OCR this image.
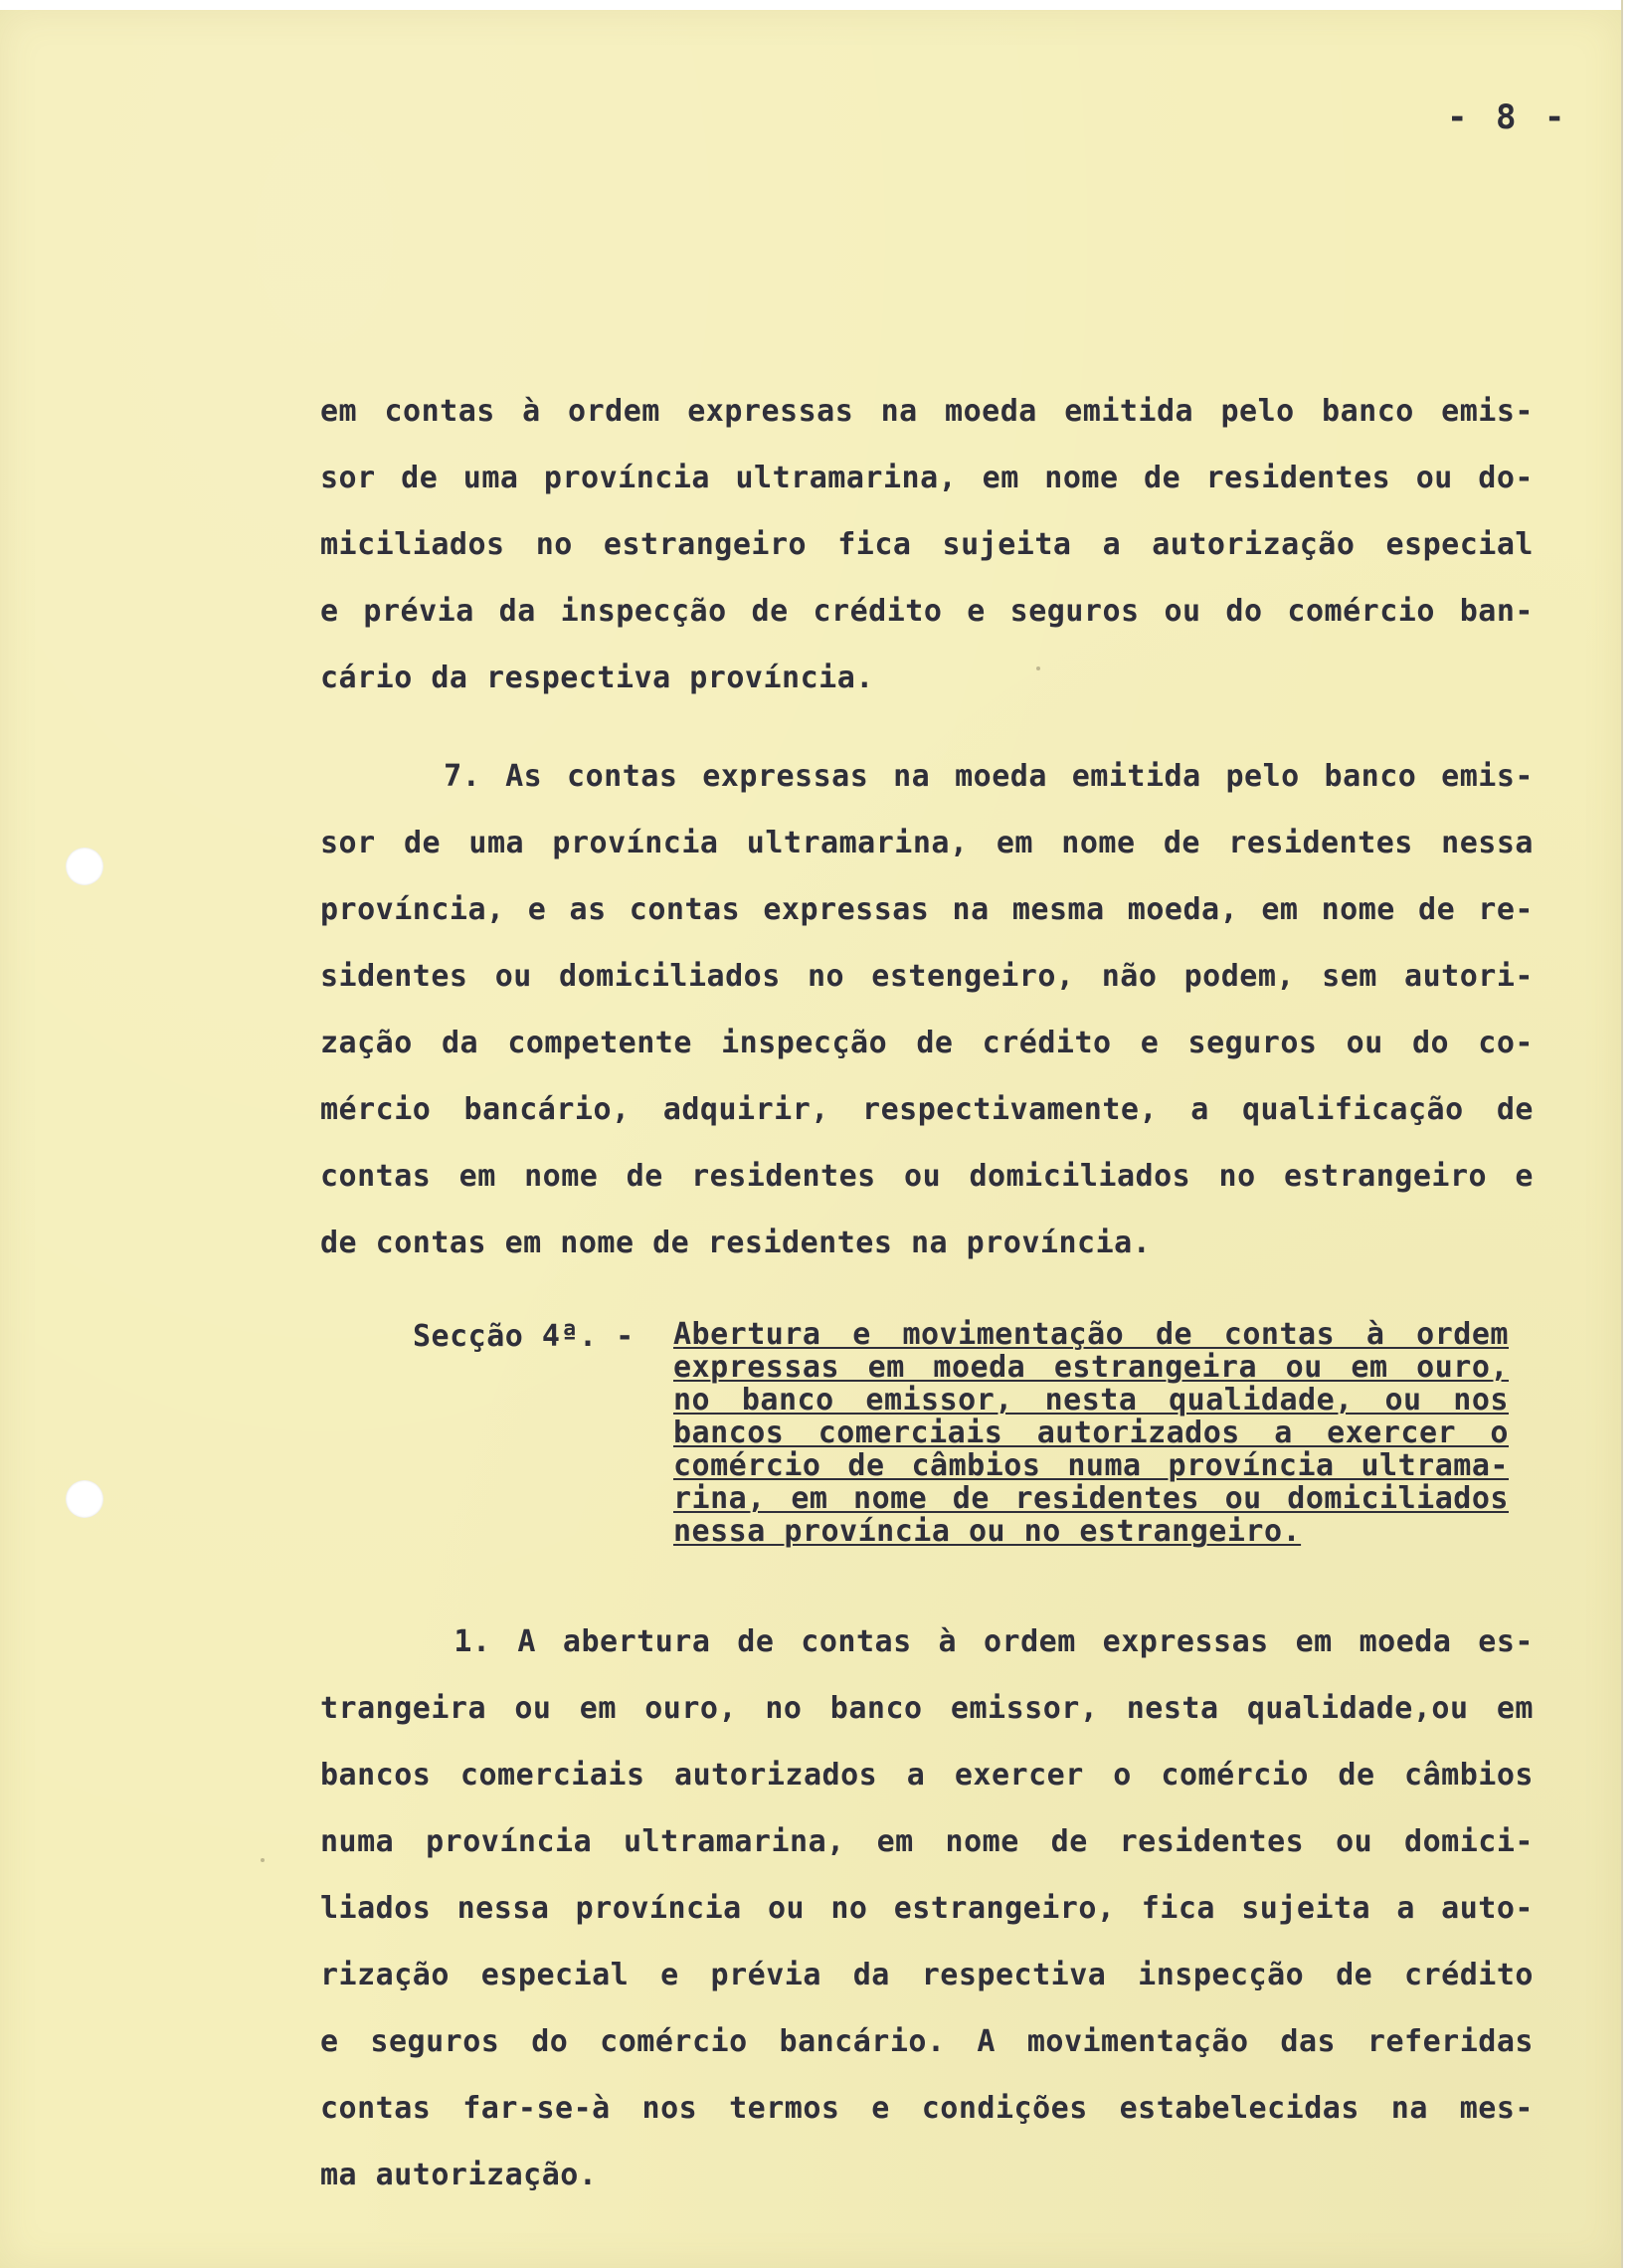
- 8 -
em contas à ordem expressas na moeda emitida pelo banco emis-
sor de uma província ultramarina, em nome de residentes ou do-
miciliados no estrangeiro fica sujeita a autorização especial
e prévia da inspecção de crédito e seguros ou do comércio ban-
cário da respectiva província.
7. As contas expressas na moeda emitida pelo banco emis-
sor de uma província ultramarina, em nome de residentes nessa
província, e as contas expressas na mesma moeda, em nome de re-
sidentes ou domiciliados no estengeiro, não podem, sem autori-
zação da competente inspecção de crédito e seguros ou do co-
mércio bancário, adquirir, respectivamente, a qualificação de
contas em nome de residentes ou domiciliados no estrangeiro e
de contas em nome de residentes na província.
Secção 4ª. - Abertura e movimentação de contas à ordem
expressas em moeda estrangeira ou em ouro,
no banco emissor, nesta qualidade, ou nos
bancos comerciais autorizados a exercer o
comércio de câmbios numa província ultrama-
rina, em nome de residentes ou domiciliados
nessa província ou no estrangeiro.
1. A abertura de contas à ordem expressas em moeda es-
trangeira ou em ouro, no banco emissor, nesta qualidade,ou em
bancos comerciais autorizados a exercer o comércio de câmbios
numa província ultramarina, em nome de residentes ou domici-
liados nessa província ou no estrangeiro, fica sujeita a auto-
rização especial e prévia da respectiva inspecção de crédito
e seguros do comércio bancário. A movimentação das referidas
contas far-se-à nos termos e condições estabelecidas na mes-
ma autorização.
